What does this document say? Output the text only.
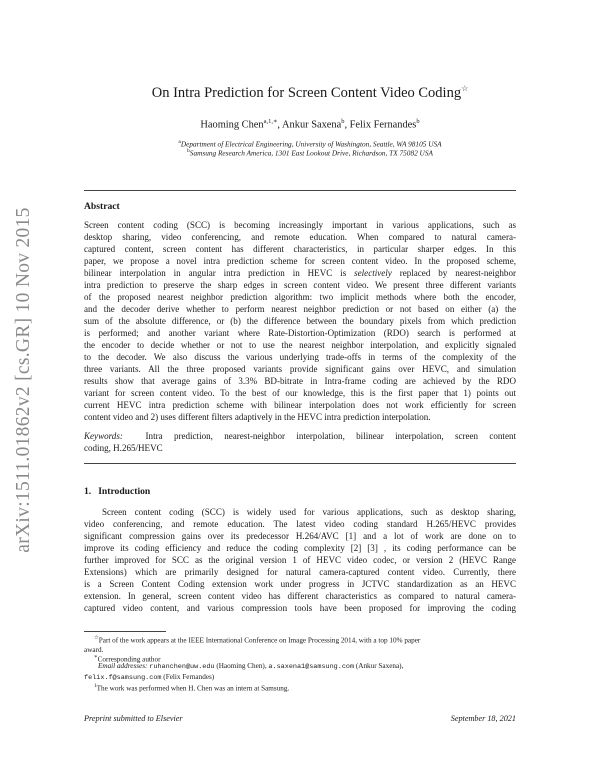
arXiv:1511.01862v2 [cs.GR] 10 Nov 2015
On Intra Prediction for Screen Content Video Coding☆
Haoming Chen$^{a,1,∗}$, Ankur Saxena$^b$, Felix Fernandes$^b$
$^a$Department of Electrical Engineering, University of Washington, Seattle, WA 98105 USA
$^b$Samsung Research America, 1301 East Lookout Drive, Richardson, TX 75082 USA
Abstract
Screen content coding (SCC) is becoming increasingly important in various applications, such as
desktop sharing, video conferencing, and remote education. When compared to natural camera-
captured content, screen content has different characteristics, in particular sharper edges. In this
paper, we propose a novel intra prediction scheme for screen content video. In the proposed scheme,
bilinear interpolation in angular intra prediction in HEVC is selectively replaced by nearest-neighbor
intra prediction to preserve the sharp edges in screen content video. We present three different variants
of the proposed nearest neighbor prediction algorithm: two implicit methods where both the encoder,
and the decoder derive whether to perform nearest neighbor prediction or not based on either (a) the
sum of the absolute difference, or (b) the difference between the boundary pixels from which prediction
is performed; and another variant where Rate-Distortion-Optimization (RDO) search is performed at
the encoder to decide whether or not to use the nearest neighbor interpolation, and explicitly signaled
to the decoder. We also discuss the various underlying trade-offs in terms of the complexity of the
three variants. All the three proposed variants provide significant gains over HEVC, and simulation
results show that average gains of 3.3% BD-bitrate in Intra-frame coding are achieved by the RDO
variant for screen content video. To the best of our knowledge, this is the first paper that 1) points out
current HEVC intra prediction scheme with bilinear interpolation does not work efficiently for screen
content video and 2) uses different filters adaptively in the HEVC intra prediction interpolation.
Keywords:	Intra prediction, nearest-neighbor interpolation, bilinear interpolation, screen content
coding, H.265/HEVC
1. Introduction
Screen content coding (SCC) is widely used for various applications, such as desktop sharing,
video conferencing, and remote education. The latest video coding standard H.265/HEVC provides
significant compression gains over its predecessor H.264/AVC [1] and a lot of work are done on to
improve its coding efficiency and reduce the coding complexity [2] [3] , its coding performance can be
further improved for SCC as the original version 1 of HEVC video codec, or version 2 (HEVC Range
Extensions) which are primarily designed for natural camera-captured content video. Currently, there
is a Screen Content Coding extension work under progress in JCTVC standardization as an HEVC
extension. In general, screen content video has different characteristics as compared to natural camera-
captured video content, and various compression tools have been proposed for improving the coding
☆Part of the work appears at the IEEE International Conference on Image Processing 2014, with a top 10% paper
award.
∗Corresponding author
Email addresses: ruhanchen@uw.edu (Haoming Chen), a.saxena1@samsung.com (Ankur Saxena),
felix.f@samsung.com (Felix Fernandes)
$^1$The work was performed when H. Chen was an intern at Samsung.
Preprint submitted to Elsevier	September 18, 2021
